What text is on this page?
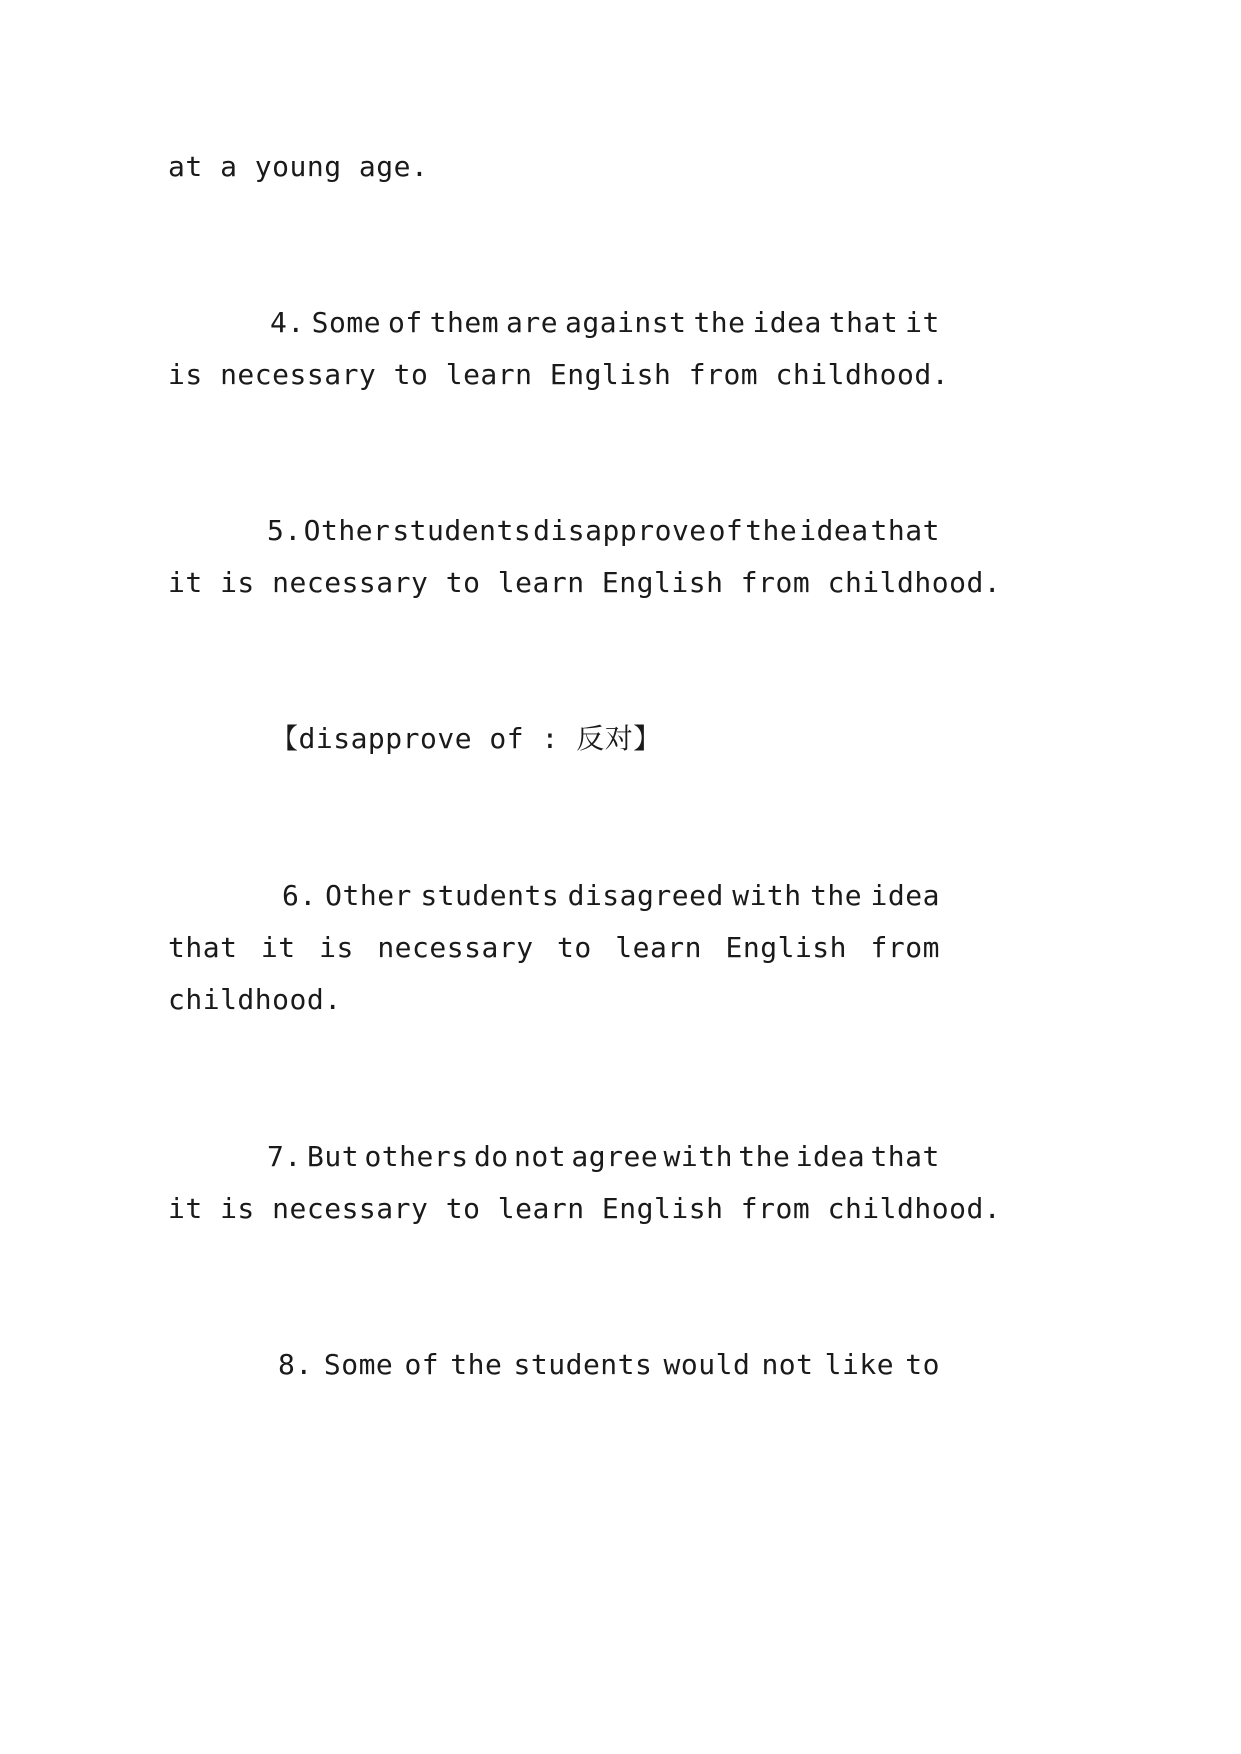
at a young age.
4. Some of them are against the idea that it
is necessary to learn English from childhood.
5. Other students disapprove of the idea that
it is necessary to learn English from childhood.
【disapprove of : 反对】
6. Other students disagreed with the idea
that it is necessary to learn English from
childhood.
7. But others do not agree with the idea that
it is necessary to learn English from childhood.
8. Some of the students would not like to
